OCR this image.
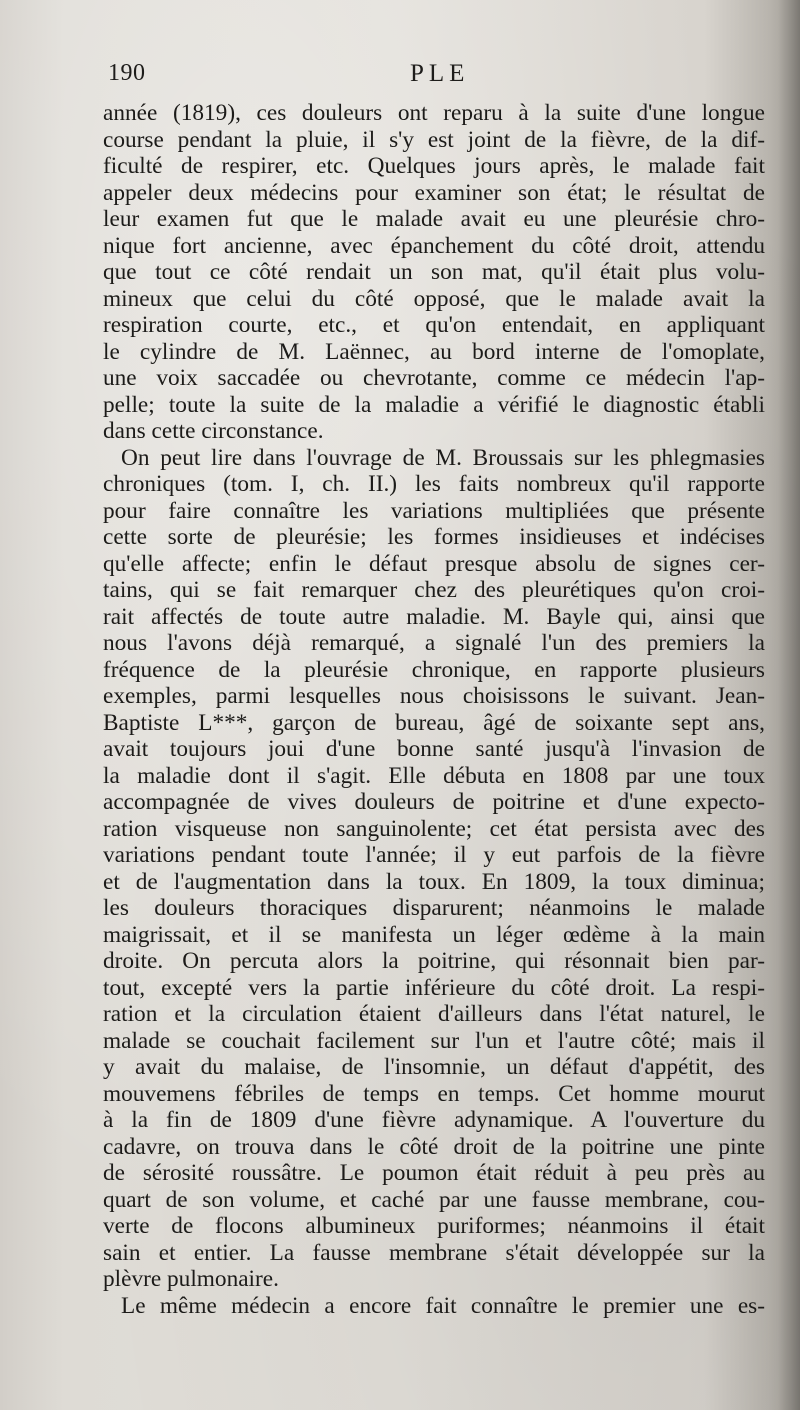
190	PLE
année (1819), ces douleurs ont reparu à la suite d'une longue
course pendant la pluie, il s'y est joint de la fièvre, de la dif-
ficulté de respirer, etc. Quelques jours après, le malade fait
appeler deux médecins pour examiner son état; le résultat de
leur examen fut que le malade avait eu une pleurésie chro-
nique fort ancienne, avec épanchement du côté droit, attendu
que tout ce côté rendait un son mat, qu'il était plus volu-
mineux que celui du côté opposé, que le malade avait la
respiration courte, etc., et qu'on entendait, en appliquant
le cylindre de M. Laënnec, au bord interne de l'omoplate,
une voix saccadée ou chevrotante, comme ce médecin l'ap-
pelle; toute la suite de la maladie a vérifié le diagnostic établi
dans cette circonstance.
On peut lire dans l'ouvrage de M. Broussais sur les phlegmasies
chroniques (tom. I, ch. II.) les faits nombreux qu'il rapporte
pour faire connaître les variations multipliées que présente
cette sorte de pleurésie; les formes insidieuses et indécises
qu'elle affecte; enfin le défaut presque absolu de signes cer-
tains, qui se fait remarquer chez des pleurétiques qu'on croi-
rait affectés de toute autre maladie. M. Bayle qui, ainsi que
nous l'avons déjà remarqué, a signalé l'un des premiers la
fréquence de la pleurésie chronique, en rapporte plusieurs
exemples, parmi lesquelles nous choisissons le suivant. Jean-
Baptiste L***, garçon de bureau, âgé de soixante sept ans,
avait toujours joui d'une bonne santé jusqu'à l'invasion de
la maladie dont il s'agit. Elle débuta en 1808 par une toux
accompagnée de vives douleurs de poitrine et d'une expecto-
ration visqueuse non sanguinolente; cet état persista avec des
variations pendant toute l'année; il y eut parfois de la fièvre
et de l'augmentation dans la toux. En 1809, la toux diminua;
les douleurs thoraciques disparurent; néanmoins le malade
maigrissait, et il se manifesta un léger œdème à la main
droite. On percuta alors la poitrine, qui résonnait bien par-
tout, excepté vers la partie inférieure du côté droit. La respi-
ration et la circulation étaient d'ailleurs dans l'état naturel, le
malade se couchait facilement sur l'un et l'autre côté; mais il
y avait du malaise, de l'insomnie, un défaut d'appétit, des
mouvemens fébriles de temps en temps. Cet homme mourut
à la fin de 1809 d'une fièvre adynamique. A l'ouverture du
cadavre, on trouva dans le côté droit de la poitrine une pinte
de sérosité roussâtre. Le poumon était réduit à peu près au
quart de son volume, et caché par une fausse membrane, cou-
verte de flocons albumineux puriformes; néanmoins il était
sain et entier. La fausse membrane s'était développée sur la
plèvre pulmonaire.
Le même médecin a encore fait connaître le premier une es-
